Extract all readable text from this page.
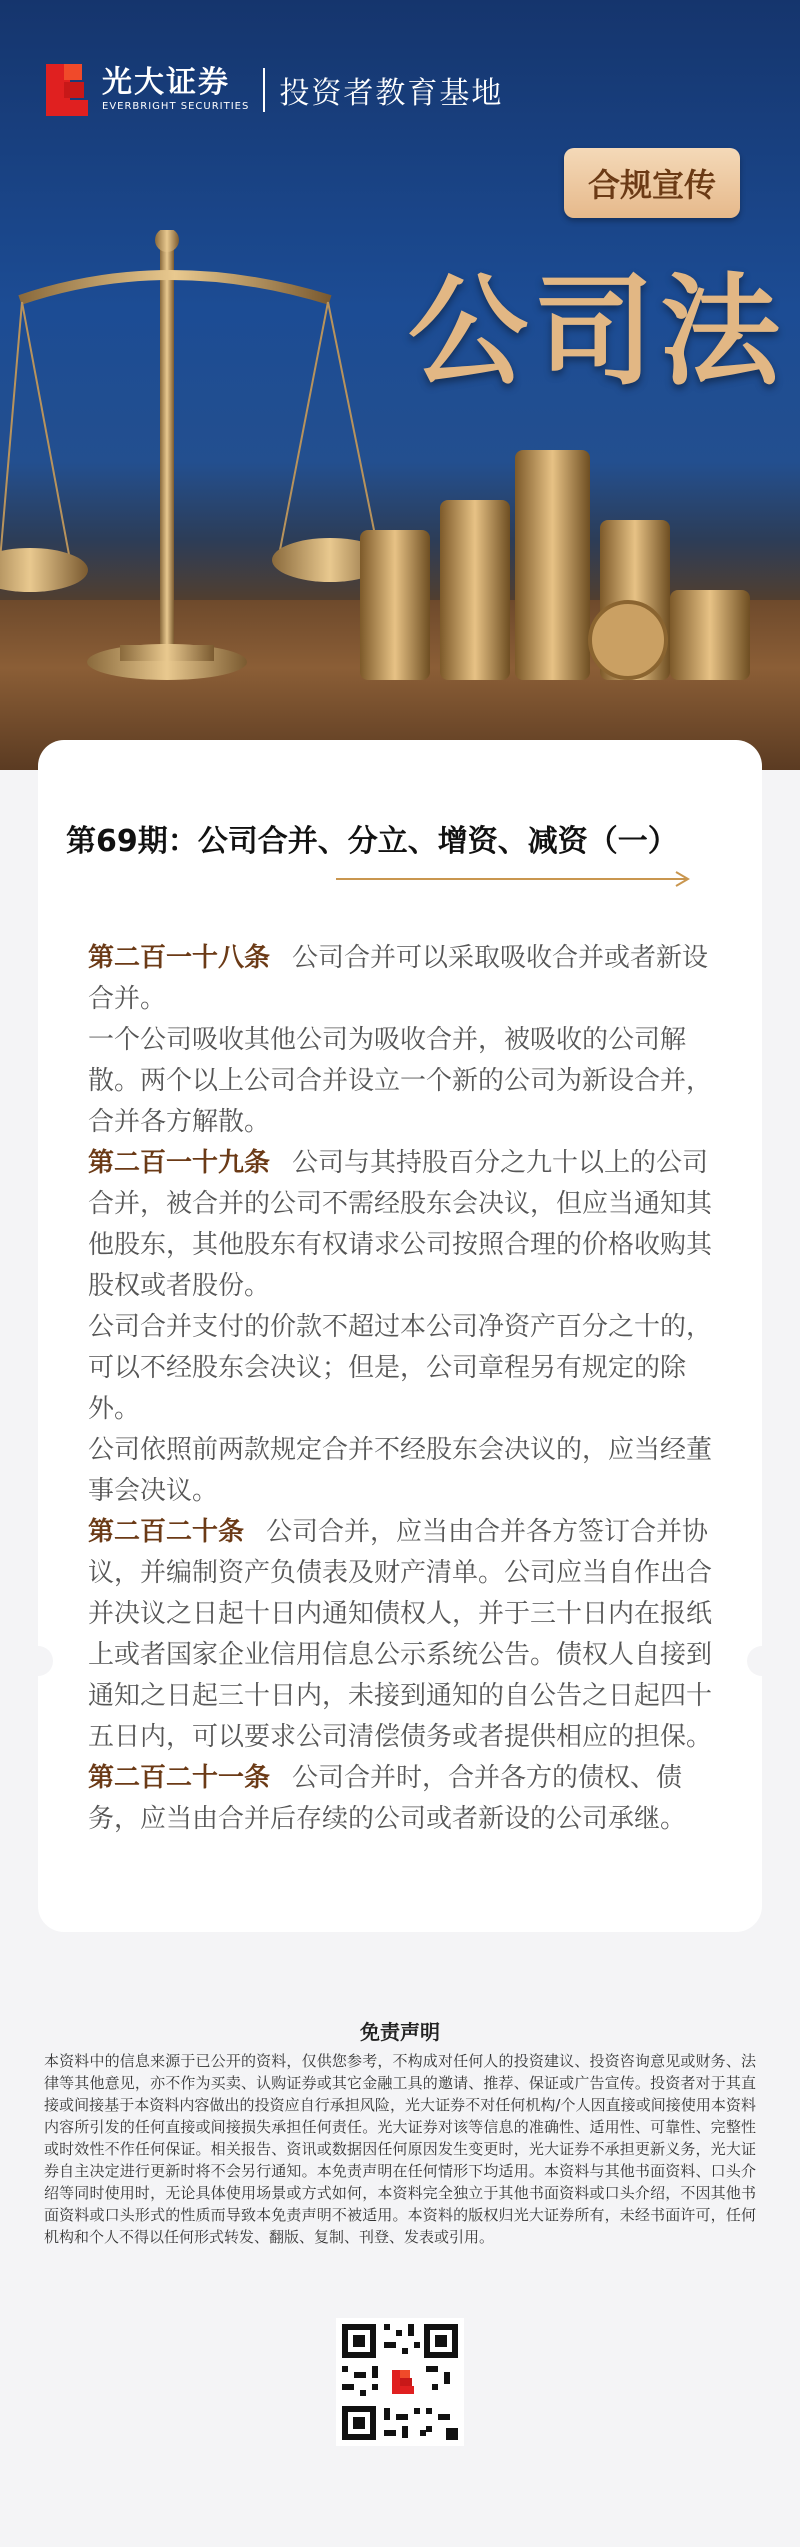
光大证券
EVERBRIGHT SECURITIES 投资者教育基地
合规宣传
公司法
第69期：公司合并、分立、增资、减资（一）

第二百一十八条 公司合并可以采取吸收合并或者新设合并。

一个公司吸收其他公司为吸收合并，被吸收的公司解散。两个以上公司合并设立一个新的公司为新设合并，合并各方解散。

第二百一十九条 公司与其持股百分之九十以上的公司合并，被合并的公司不需经股东会决议，但应当通知其他股东，其他股东有权请求公司按照合理的价格收购其股权或者股份。

公司合并支付的价款不超过本公司净资产百分之十的，可以不经股东会决议；但是，公司章程另有规定的除外。

公司依照前两款规定合并不经股东会决议的，应当经董事会决议。

第二百二十条 公司合并，应当由合并各方签订合并协议，并编制资产负债表及财产清单。公司应当自作出合并决议之日起十日内通知债权人，并于三十日内在报纸上或者国家企业信用信息公示系统公告。债权人自接到通知之日起三十日内，未接到通知的自公告之日起四十五日内，可以要求公司清偿债务或者提供相应的担保。

第二百二十一条 公司合并时，合并各方的债权、债务，应当由合并后存续的公司或者新设的公司承继。

免责声明
本资料中的信息来源于已公开的资料，仅供您参考，不构成对任何人的投资建议、投资咨询意见或财务、法律等其他意见，亦不作为买卖、认购证券或其它金融工具的邀请、推荐、保证或广告宣传。投资者对于其直接或间接基于本资料内容做出的投资应自行承担风险，光大证券不对任何机构/个人因直接或间接使用本资料内容所引发的任何直接或间接损失承担任何责任。光大证券对该等信息的准确性、适用性、可靠性、完整性或时效性不作任何保证。相关报告、资讯或数据因任何原因发生变更时，光大证券不承担更新义务，光大证券自主决定进行更新时将不会另行通知。本免责声明在任何情形下均适用。本资料与其他书面资料、口头介绍等同时使用时，无论具体使用场景或方式如何，本资料完全独立于其他书面资料或口头介绍，不因其他书面资料或口头形式的性质而导致本免责声明不被适用。本资料的版权归光大证券所有，未经书面许可，任何机构和个人不得以任何形式转发、翻版、复制、刊登、发表或引用。
